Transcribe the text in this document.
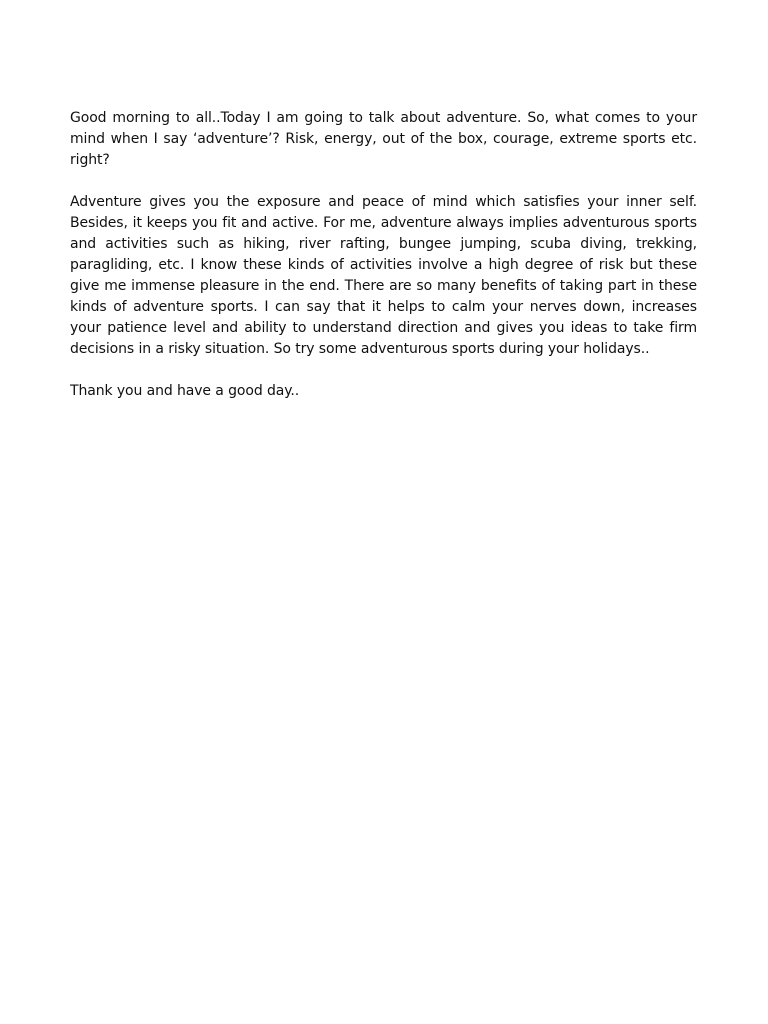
Good morning to all..Today I am going to talk about adventure. So, what comes to your mind when I say ‘adventure’? Risk, energy, out of the box, courage, extreme sports etc. right?

Adventure gives you the exposure and peace of mind which satisfies your inner self. Besides, it keeps you fit and active. For me, adventure always implies adventurous sports and activities such as hiking, river rafting, bungee jumping, scuba diving, trekking, paragliding, etc. I know these kinds of activities involve a high degree of risk but these give me immense pleasure in the end. There are so many benefits of taking part in these kinds of adventure sports. I can say that it helps to calm your nerves down, increases your patience level and ability to understand direction and gives you ideas to take firm decisions in a risky situation. So try some adventurous sports during your holidays..

Thank you and have a good day..
